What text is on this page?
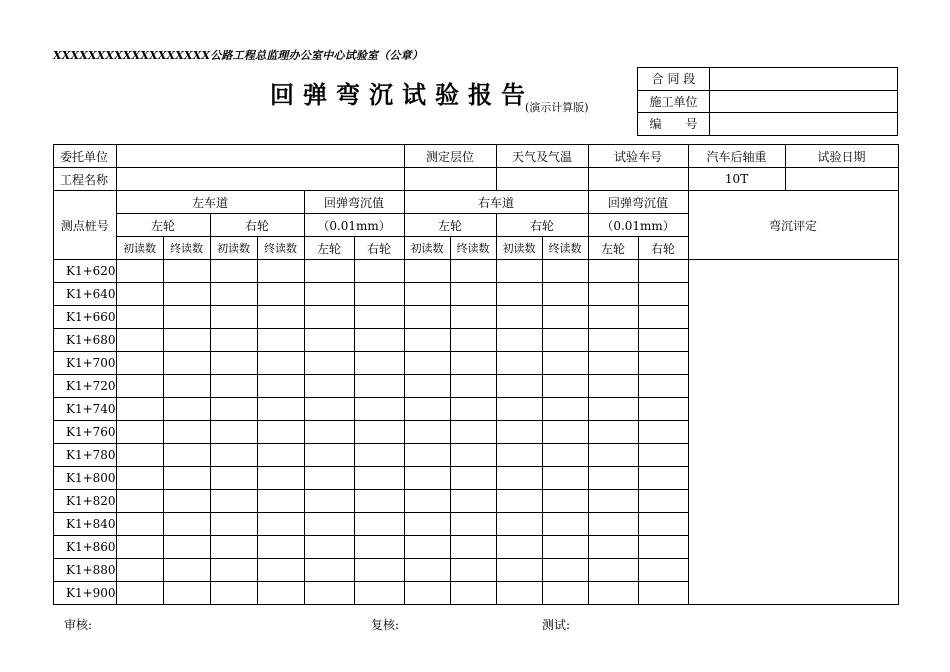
XXXXXXXXXXXXXXXXXX公路工程总监理办公室中心试验室（公章）
回弹弯沉试验报告
(演示计算版)
合 同 段	
施工单位	
编　　号	
委托单位							测定层位		天气及气温		试验车号		汽车后轴重	试验日期
工程名称													10T	
测点桩号	左车道				回弹弯沉值		右车道				回弹弯沉值		弯沉评定	
	左轮		右轮		（0.01mm）		左轮		右轮		（0.01mm）			
	初读数	终读数	初读数	终读数	左轮	右轮	初读数	终读数	初读数	终读数	左轮	右轮		
K1+620														
K1+640														
K1+660														
K1+680														
K1+700														
K1+720														
K1+740														
K1+760														
K1+780														
K1+800														
K1+820														
K1+840														
K1+860														
K1+880														
K1+900														
审核:	复核:	测试:
